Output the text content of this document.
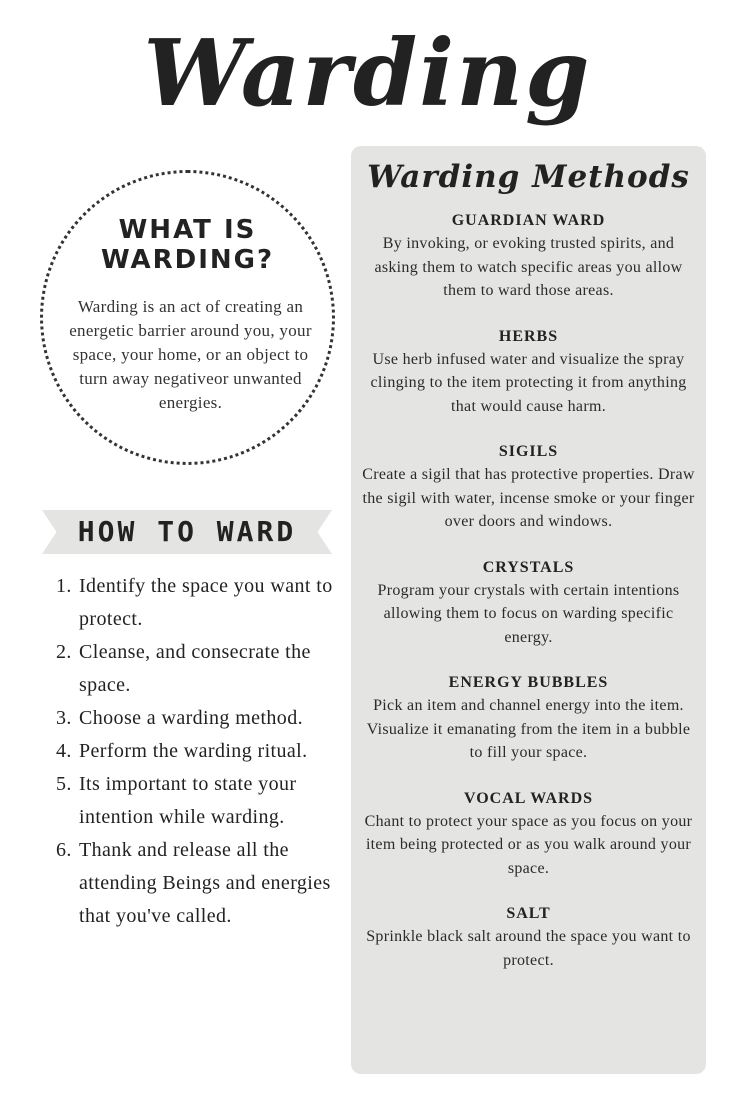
Warding
WHAT IS WARDING?

Warding is an act of creating an energetic barrier around you, your space, your home, or an object to turn away negativeor unwanted energies.

HOW TO WARD
1. Identify the space you want to protect.
2. Cleanse, and consecrate the space.
3. Choose a warding method.
4. Perform the warding ritual.
5. Its important to state your intention while warding.
6. Thank and release all the attending Beings and energies that you've called.
Warding Methods
GUARDIAN WARD
By invoking, or evoking trusted spirits, and asking them to watch specific areas you allow them to ward those areas.
HERBS
Use herb infused water and visualize the spray clinging to the item protecting it from anything that would cause harm.
SIGILS
Create a sigil that has protective properties. Draw the sigil with water, incense smoke or your finger over doors and windows.
CRYSTALS
Program your crystals with certain intentions allowing them to focus on warding specific energy.
ENERGY BUBBLES
Pick an item and channel energy into the item. Visualize it emanating from the item in a bubble to fill your space.
VOCAL WARDS
Chant to protect your space as you focus on your item being protected or as you walk around your space.
SALT
Sprinkle black salt around the space you want to protect.
